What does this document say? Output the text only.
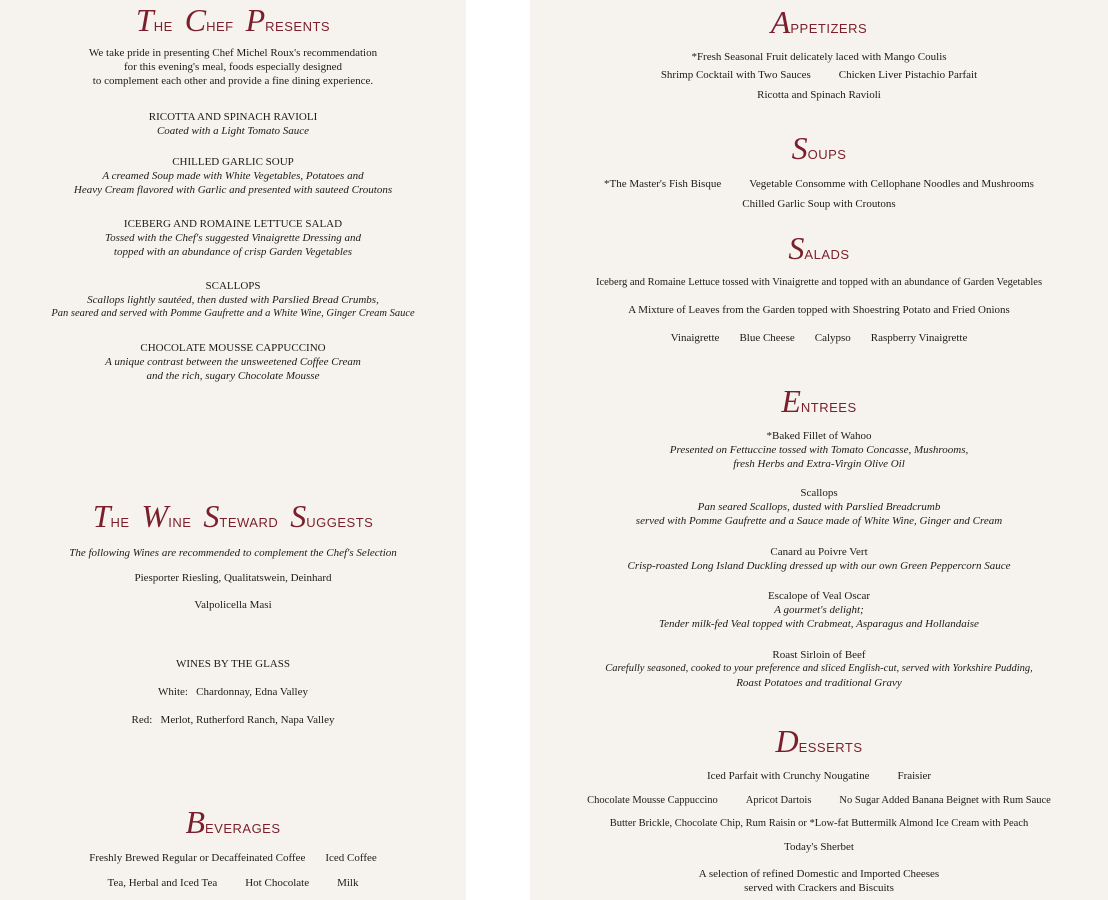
THE CHEF PRESENTS
We take pride in presenting Chef Michel Roux's recommendation
for this evening's meal, foods especially designed
to complement each other and provide a fine dining experience.
RICOTTA AND SPINACH RAVIOLI
Coated with a Light Tomato Sauce
CHILLED GARLIC SOUP
A creamed Soup made with White Vegetables, Potatoes and
Heavy Cream flavored with Garlic and presented with sauteed Croutons
ICEBERG AND ROMAINE LETTUCE SALAD
Tossed with the Chef's suggested Vinaigrette Dressing and
topped with an abundance of crisp Garden Vegetables
SCALLOPS
Scallops lightly sautéed, then dusted with Parslied Bread Crumbs,
Pan seared and served with Pomme Gaufrette and a White Wine, Ginger Cream Sauce
CHOCOLATE MOUSSE CAPPUCCINO
A unique contrast between the unsweetened Coffee Cream
and the rich, sugary Chocolate Mousse
THE WINE STEWARD SUGGESTS
The following Wines are recommended to complement the Chef's Selection
Piesporter Riesling, Qualitatswein, Deinhard
Valpolicella Masi
WINES BY THE GLASS
White:   Chardonnay, Edna Valley
Red:   Merlot, Rutherford Ranch, Napa Valley
BEVERAGES
Freshly Brewed Regular or Decaffeinated Coffee Iced Coffee
Tea, Herbal and Iced Tea	Hot Chocolate	Milk
APPETIZERS
*Fresh Seasonal Fruit delicately laced with Mango Coulis
Shrimp Cocktail with Two Sauces	Chicken Liver Pistachio Parfait
Ricotta and Spinach Ravioli
SOUPS
*The Master's Fish Bisque	Vegetable Consomme with Cellophane Noodles and Mushrooms
Chilled Garlic Soup with Croutons
SALADS
Iceberg and Romaine Lettuce tossed with Vinaigrette and topped with an abundance of Garden Vegetables
A Mixture of Leaves from the Garden topped with Shoestring Potato and Fried Onions
Vinaigrette Blue Cheese Calypso Raspberry Vinaigrette
ENTREES
*Baked Fillet of Wahoo
Presented on Fettuccine tossed with Tomato Concasse, Mushrooms,
fresh Herbs and Extra-Virgin Olive Oil
Scallops
Pan seared Scallops, dusted with Parslied Breadcrumb
served with Pomme Gaufrette and a Sauce made of White Wine, Ginger and Cream
Canard au Poivre Vert
Crisp-roasted Long Island Duckling dressed up with our own Green Peppercorn Sauce
Escalope of Veal Oscar
A gourmet's delight;
Tender milk-fed Veal topped with Crabmeat, Asparagus and Hollandaise
Roast Sirloin of Beef
Carefully seasoned, cooked to your preference and sliced English-cut, served with Yorkshire Pudding,
Roast Potatoes and traditional Gravy
DESSERTS
Iced Parfait with Crunchy Nougatine	Fraisier
Chocolate Mousse Cappuccino	Apricot Dartois	No Sugar Added Banana Beignet with Rum Sauce
Butter Brickle, Chocolate Chip, Rum Raisin or *Low-fat Buttermilk Almond Ice Cream with Peach
Today's Sherbet
A selection of refined Domestic and Imported Cheeses
served with Crackers and Biscuits
